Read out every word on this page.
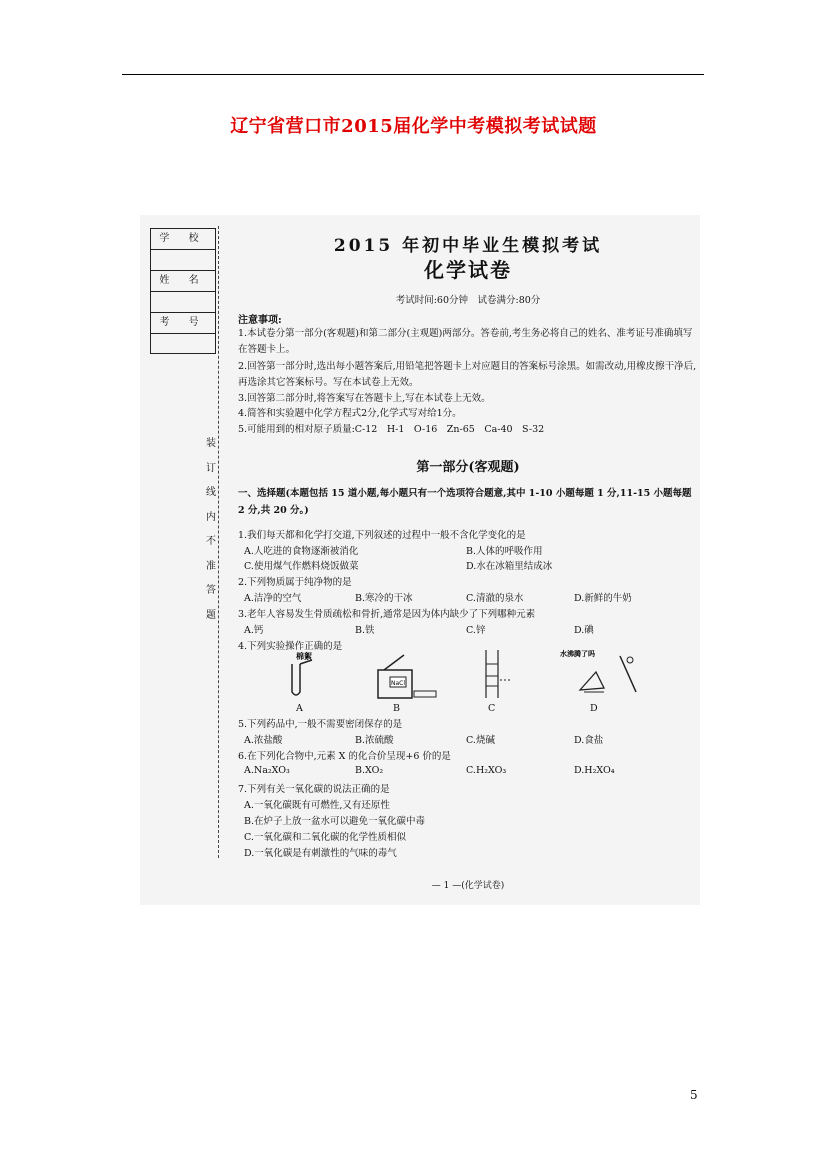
辽宁省营口市2015届化学中考模拟考试试题
学 校
姓 名
考 号
装
订
线
内
不
准
答
题
2015 年初中毕业生模拟考试
化学试卷
考试时间:60分钟　试卷满分:80分
注意事项:
1.本试卷分第一部分(客观题)和第二部分(主观题)两部分。答卷前,考生务必将自己的姓名、准考证号准确填写在答题卡上。
2.回答第一部分时,选出每小题答案后,用铅笔把答题卡上对应题目的答案标号涂黑。如需改动,用橡皮擦干净后,再选涂其它答案标号。写在本试卷上无效。
3.回答第二部分时,将答案写在答题卡上,写在本试卷上无效。
4.简答和实验题中化学方程式2分,化学式写对给1分。
5.可能用到的相对原子质量:C-12　H-1　O-16　Zn-65　Ca-40　S-32
第一部分(客观题)
一、选择题(本题包括 15 道小题,每小题只有一个选项符合题意,其中 1-10 小题每题 1 分,11-15 小题每题 2 分,共 20 分。)
1.我们每天都和化学打交道,下列叙述的过程中一般不含化学变化的是
A.人吃进的食物逐渐被消化	B.人体的呼吸作用
C.使用煤气作燃料烧饭做菜	D.水在冰箱里结成冰
2.下列物质属于纯净物的是
A.洁净的空气	B.寒冷的干冰	C.清澈的泉水	D.新鲜的牛奶
3.老年人容易发生骨质疏松和骨折,通常是因为体内缺少了下列哪种元素
A.钙	B.铁	C.锌	D.碘
4.下列实验操作正确的是
棉絮
NaCl
水沸腾了吗
A	B	C	D
5.下列药品中,一般不需要密闭保存的是
A.浓盐酸	B.浓硫酸	C.烧碱	D.食盐
6.在下列化合物中,元素 X 的化合价呈现+6 价的是
A.Na₂XO₃	B.XO₂	C.H₂XO₃	D.H₂XO₄
7.下列有关一氧化碳的说法正确的是
A.一氧化碳既有可燃性,又有还原性
B.在炉子上放一盆水可以避免一氧化碳中毒
C.一氧化碳和二氧化碳的化学性质相似
D.一氧化碳是有刺激性的气味的毒气
— 1 —(化学试卷)
5
